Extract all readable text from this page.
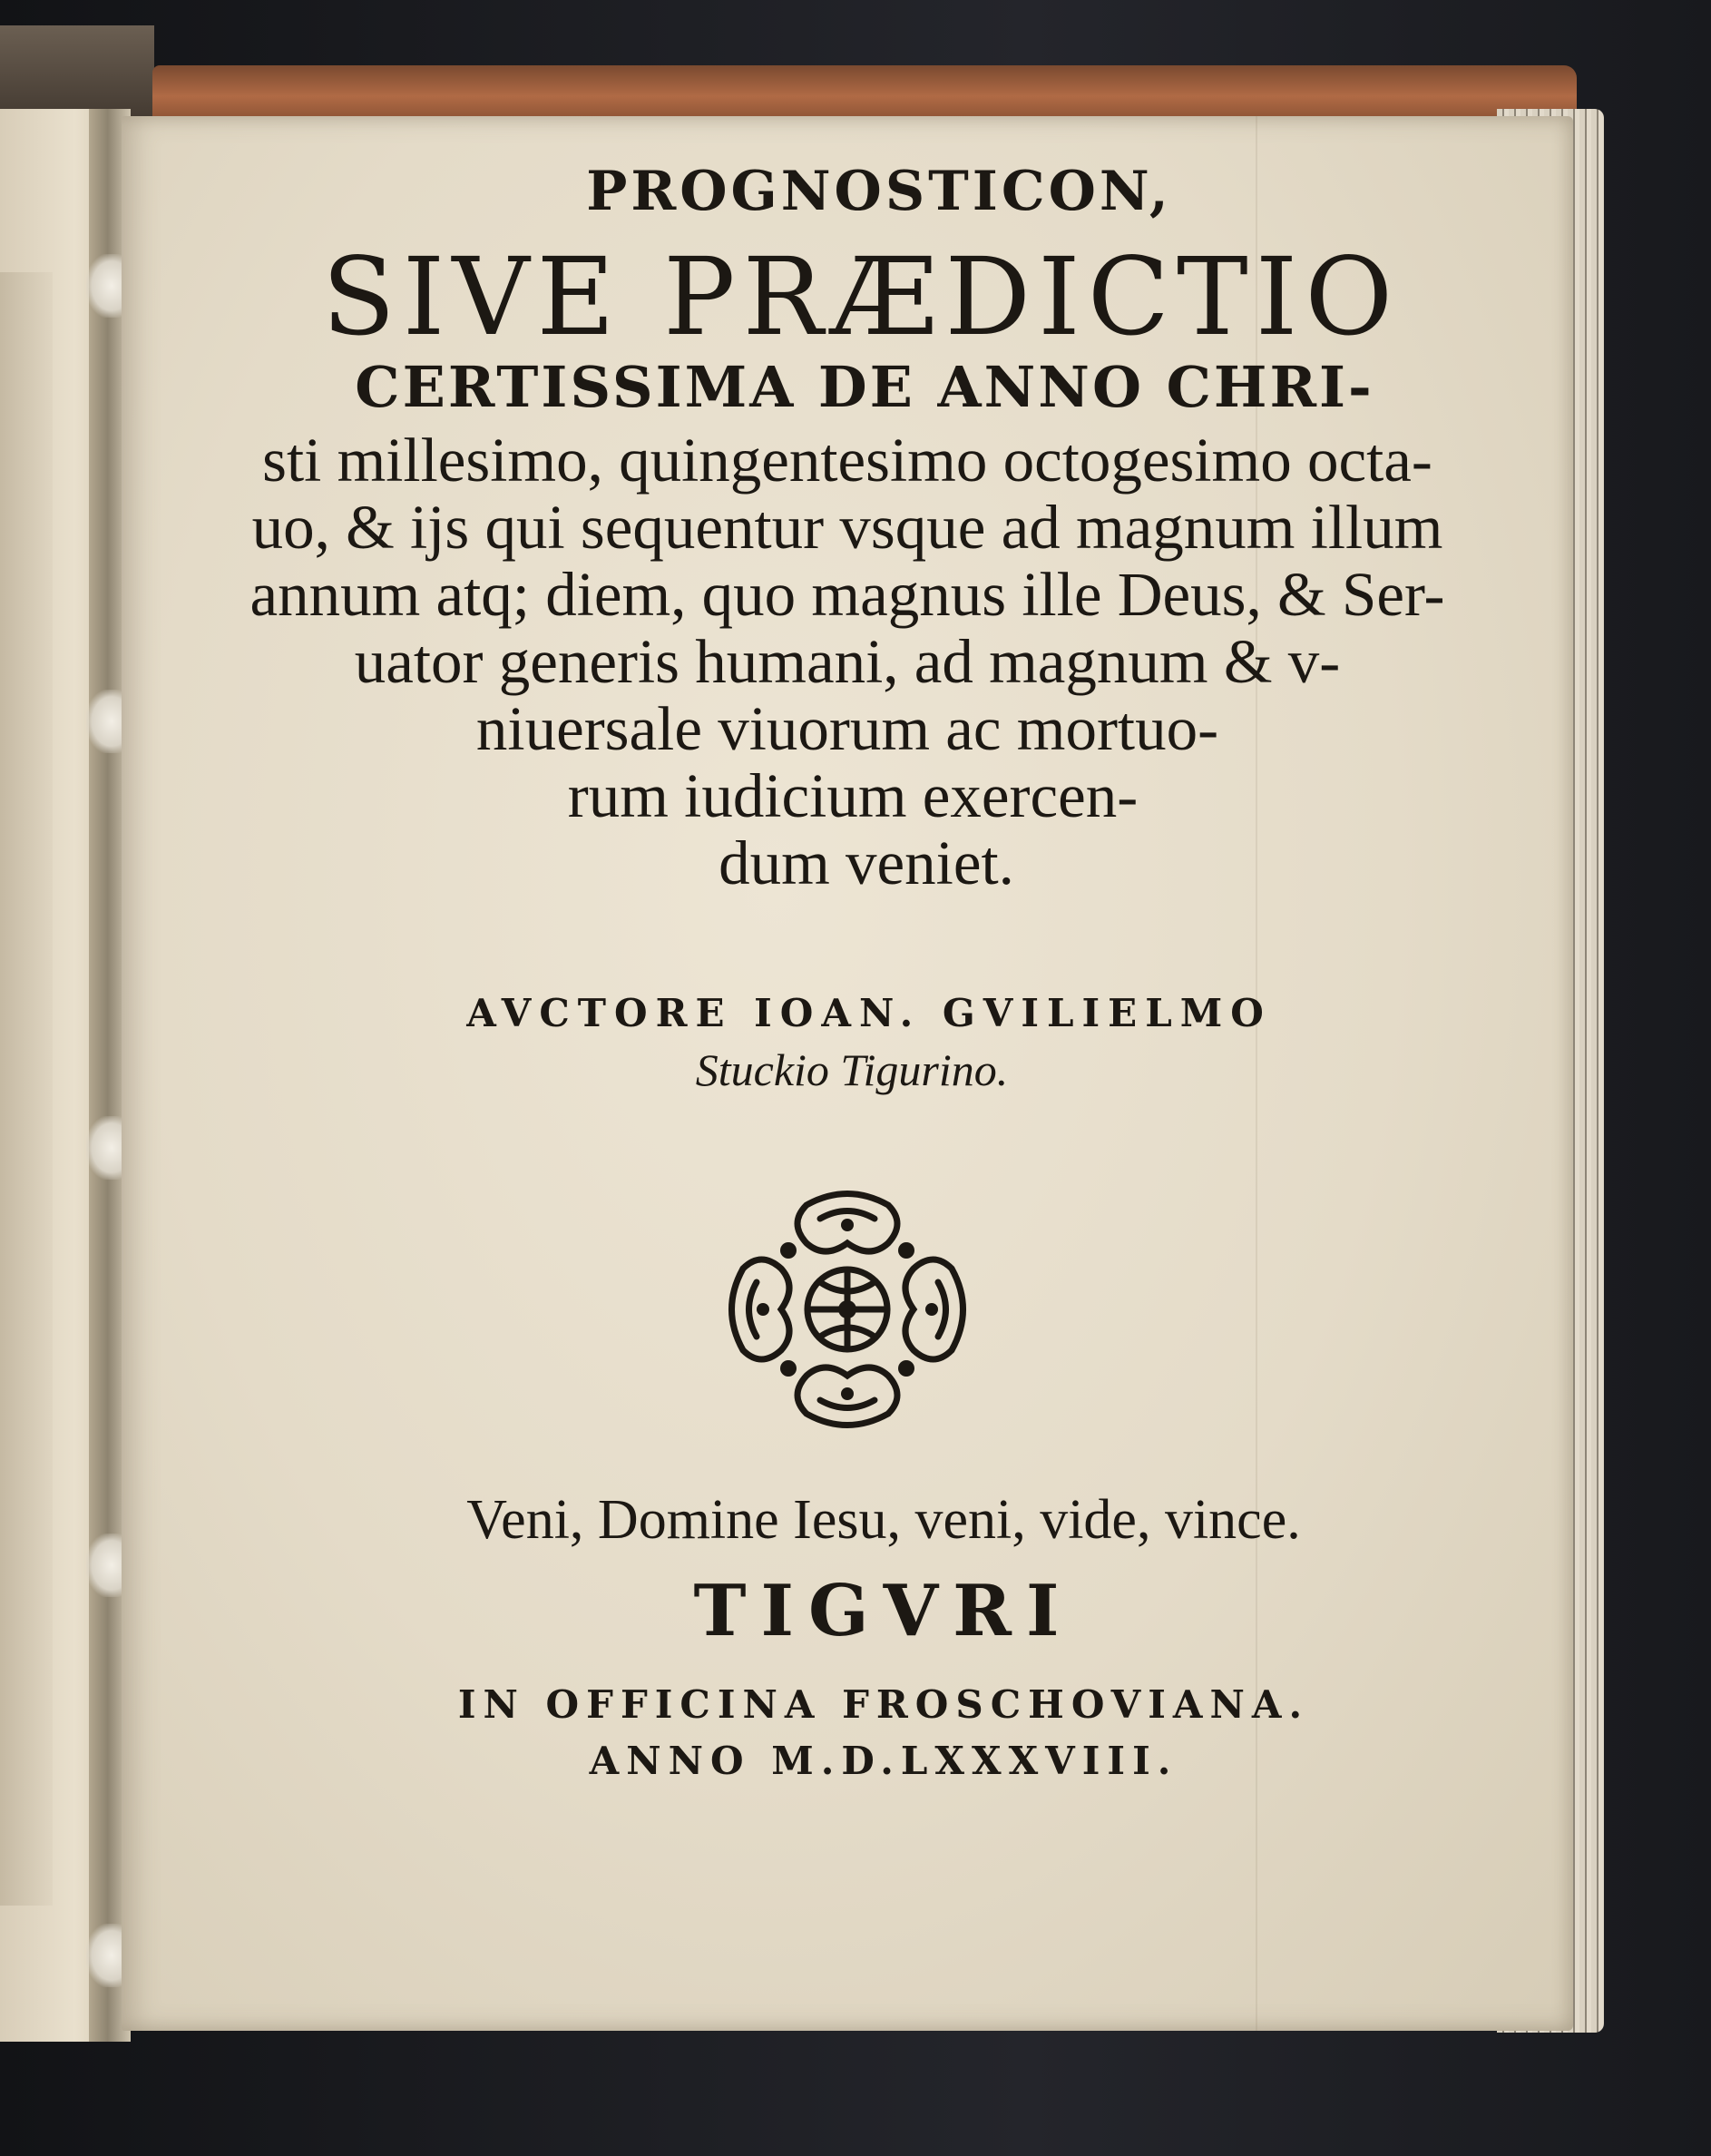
PROGNOSTICON,
SIVE PRÆDICTIO
CERTISSIMA DE ANNO CHRI-
sti millesimo, quingentesimo octogesimo octa-
uo, & ijs qui sequentur vsque ad magnum illum
annum atq; diem, quo magnus ille Deus, & Ser-
uator generis humani, ad magnum & v-
niuersale viuorum ac mortuo-
rum iudicium exercen-
dum veniet.
AVCTORE IOAN. GVILIELMO
Stuckio Tigurino.
Veni, Domine Iesu, veni, vide, vince.
TIGVRI
IN OFFICINA FROSCHOVIANA.
ANNO M.D.LXXXVIII.
